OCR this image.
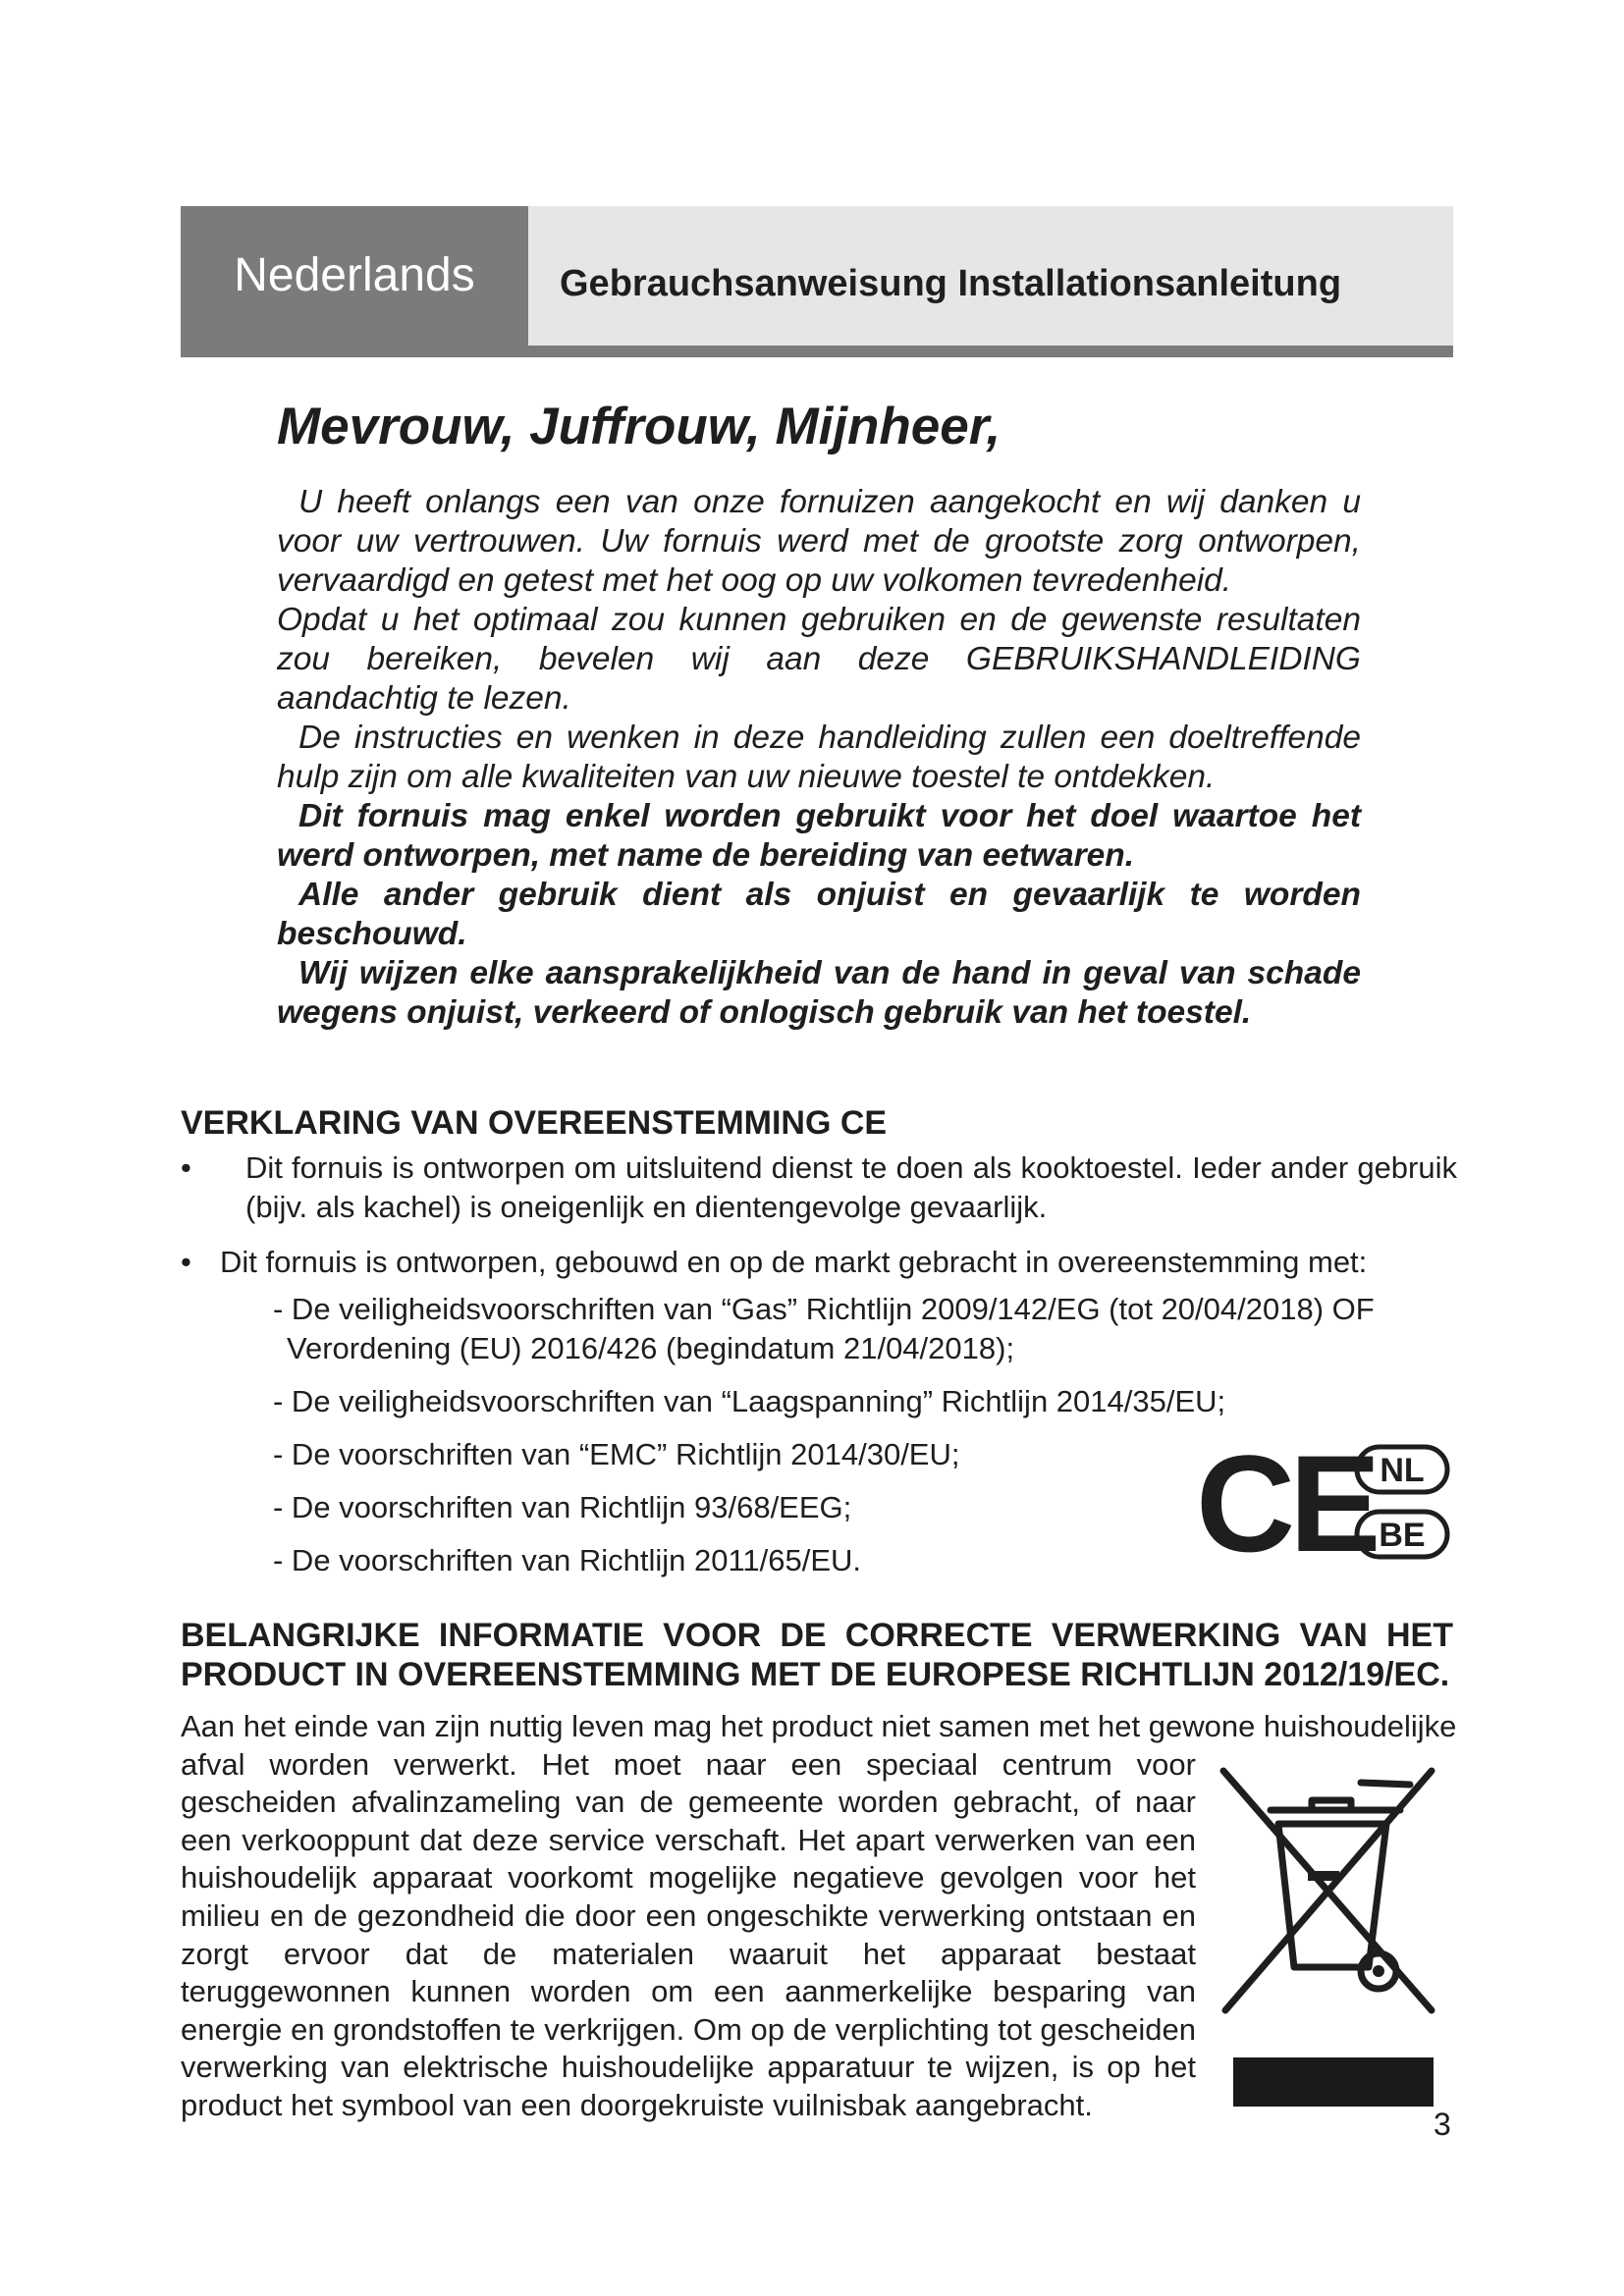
Nederlands	Gebrauchsanweisung Installationsanleitung
Mevrouw, Juffrouw, Mijnheer,

U heeft onlangs een van onze fornuizen aangekocht en wij danken u voor uw vertrouwen. Uw fornuis werd met de grootste zorg ontworpen, vervaardigd en getest met het oog op uw volkomen tevredenheid.

Opdat u het optimaal zou kunnen gebruiken en de gewenste resultaten zou bereiken, bevelen wij aan deze GEBRUIKSHANDLEIDING aandachtig te lezen.

De instructies en wenken in deze handleiding zullen een doeltreffende hulp zijn om alle kwaliteiten van uw nieuwe toestel te ontdekken.

Dit fornuis mag enkel worden gebruikt voor het doel waartoe het werd ontworpen, met name de bereiding van eetwaren.

Alle ander gebruik dient als onjuist en gevaarlijk te worden beschouwd.

Wij wijzen elke aansprakelijkheid van de hand in geval van schade wegens onjuist, verkeerd of onlogisch gebruik van het toestel.

VERKLARING VAN OVEREENSTEMMING CE

• Dit fornuis is ontworpen om uitsluitend dienst te doen als kooktoestel. Ieder ander gebruik (bijv. als kachel) is oneigenlijk en dientengevolge gevaarlijk.

• Dit fornuis is ontworpen, gebouwd en op de markt gebracht in overeenstemming met:

- De veiligheidsvoorschriften van “Gas” Richtlijn 2009/142/EG (tot 20/04/2018) OF
Verordening (EU) 2016/426 (begindatum 21/04/2018);
- De veiligheidsvoorschriften van “Laagspanning” Richtlijn 2014/35/EU;
- De voorschriften van “EMC” Richtlijn 2014/30/EU;
- De voorschriften van Richtlijn 93/68/EEG;
- De voorschriften van Richtlijn 2011/65/EU.	CE NL
BE
BELANGRIJKE INFORMATIE VOOR DE CORRECTE VERWERKING VAN HET PRODUCT IN OVEREENSTEMMING MET DE EUROPESE RICHTLIJN 2012/19/EC.

Aan het einde van zijn nuttig leven mag het product niet samen met het gewone huishoudelijke

afval worden verwerkt. Het moet naar een speciaal centrum voor gescheiden afvalinzameling van de gemeente worden gebracht, of naar een verkooppunt dat deze service verschaft. Het apart verwerken van een huishoudelijk apparaat voorkomt mogelijke negatieve gevolgen voor het milieu en de gezondheid die door een ongeschikte verwerking ontstaan en zorgt ervoor dat de materialen waaruit het apparaat bestaat teruggewonnen kunnen worden om een aanmerkelijke besparing van energie en grondstoffen te verkrijgen. Om op de verplichting tot gescheiden verwerking van elektrische huishoudelijke apparatuur te wijzen, is op het product het symbool van een doorgekruiste vuilnisbak aangebracht.

3
